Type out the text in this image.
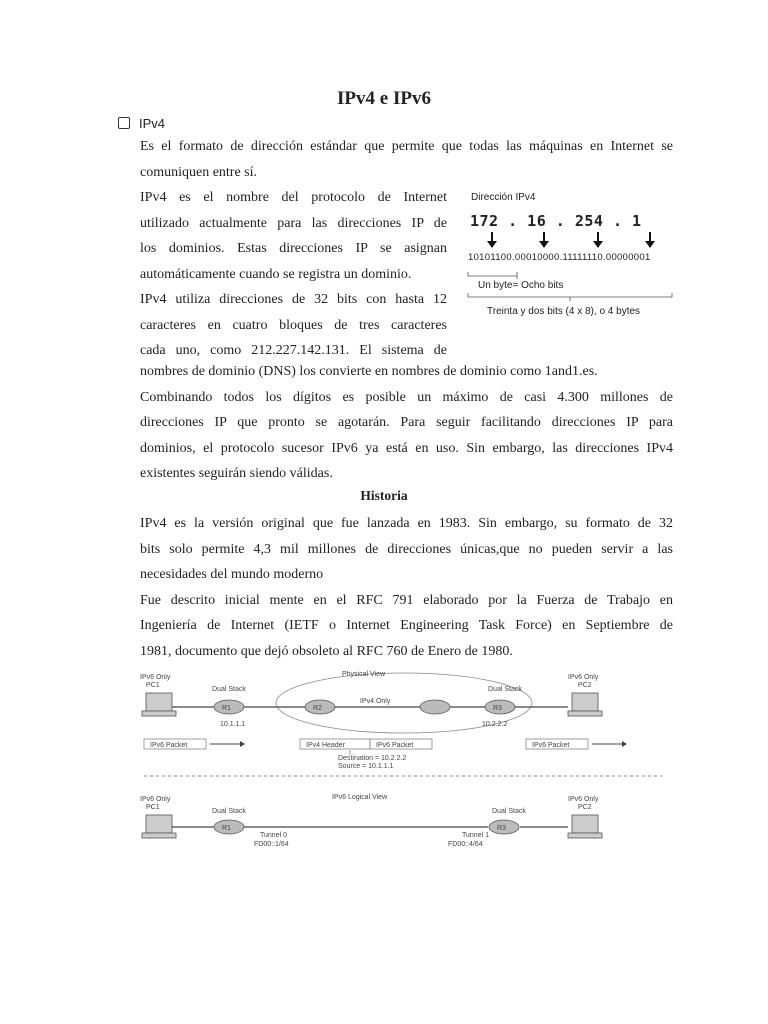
IPv4 e IPv6
IPv4

Es el formato de dirección estándar que permite que todas las máquinas en Internet se
comuniquen entre sí.

IPv4 es el nombre del protocolo de Internet
utilizado actualmente para las direcciones IP de
los dominios. Estas direcciones IP se asignan
automáticamente cuando se registra un dominio.
IPv4 utiliza direcciones de 32 bits con hasta 12
caracteres en cuatro bloques de tres caracteres
cada uno, como 212.227.142.131. El sistema de

nombres de dominio (DNS) los convierte en nombres de dominio como 1and1.es.
Combinando todos los dígitos es posible un máximo de casi 4.300 millones de
direcciones IP que pronto se agotarán. Para seguir facilitando direcciones IP para
dominios, el protocolo sucesor IPv6 ya está en uso. Sin embargo, las direcciones IPv4
existentes seguirán siendo válidas.

Historia

IPv4 es la versión original que fue lanzada en 1983. Sin embargo, su formato de 32
bits solo permite 4,3 mil millones de direcciones únicas,que no pueden servir a las
necesidades del mundo moderno
Fue descrito inicial mente en el RFC 791 elaborado por la Fuerza de Trabajo en
Ingeniería de Internet (IETF o Internet Engineering Task Force) en Septiembre de
1981, documento que dejó obsoleto al RFC 760 de Enero de 1980.

Dirección IPv4
172 . 16 . 254 . 1
10101100.00010000.11111110.00000001
Un byte= Ocho bits
Treinta y dos bits (4 x 8), o 4 bytes
Physical View
IPv4 Only
IPv6 Only
PC1
Dual Stack	Dual Stack
IPv6 Only
PC2
R1
10.1.1.1
R2	R3
10.2.2.2
IPv6 Packet	IPv4 Header	IPv6 Packet
Destination = 10.2.2.2
Source = 10.1.1.1
IPv6 Packet
IPv6 Logical View
IPv6 Only
PC1
Dual Stack	Dual Stack
IPv6 Only
PC2
R1	R3
Tunnel 0
FD00::1/64
Tunnel 1
FD00::4/64
